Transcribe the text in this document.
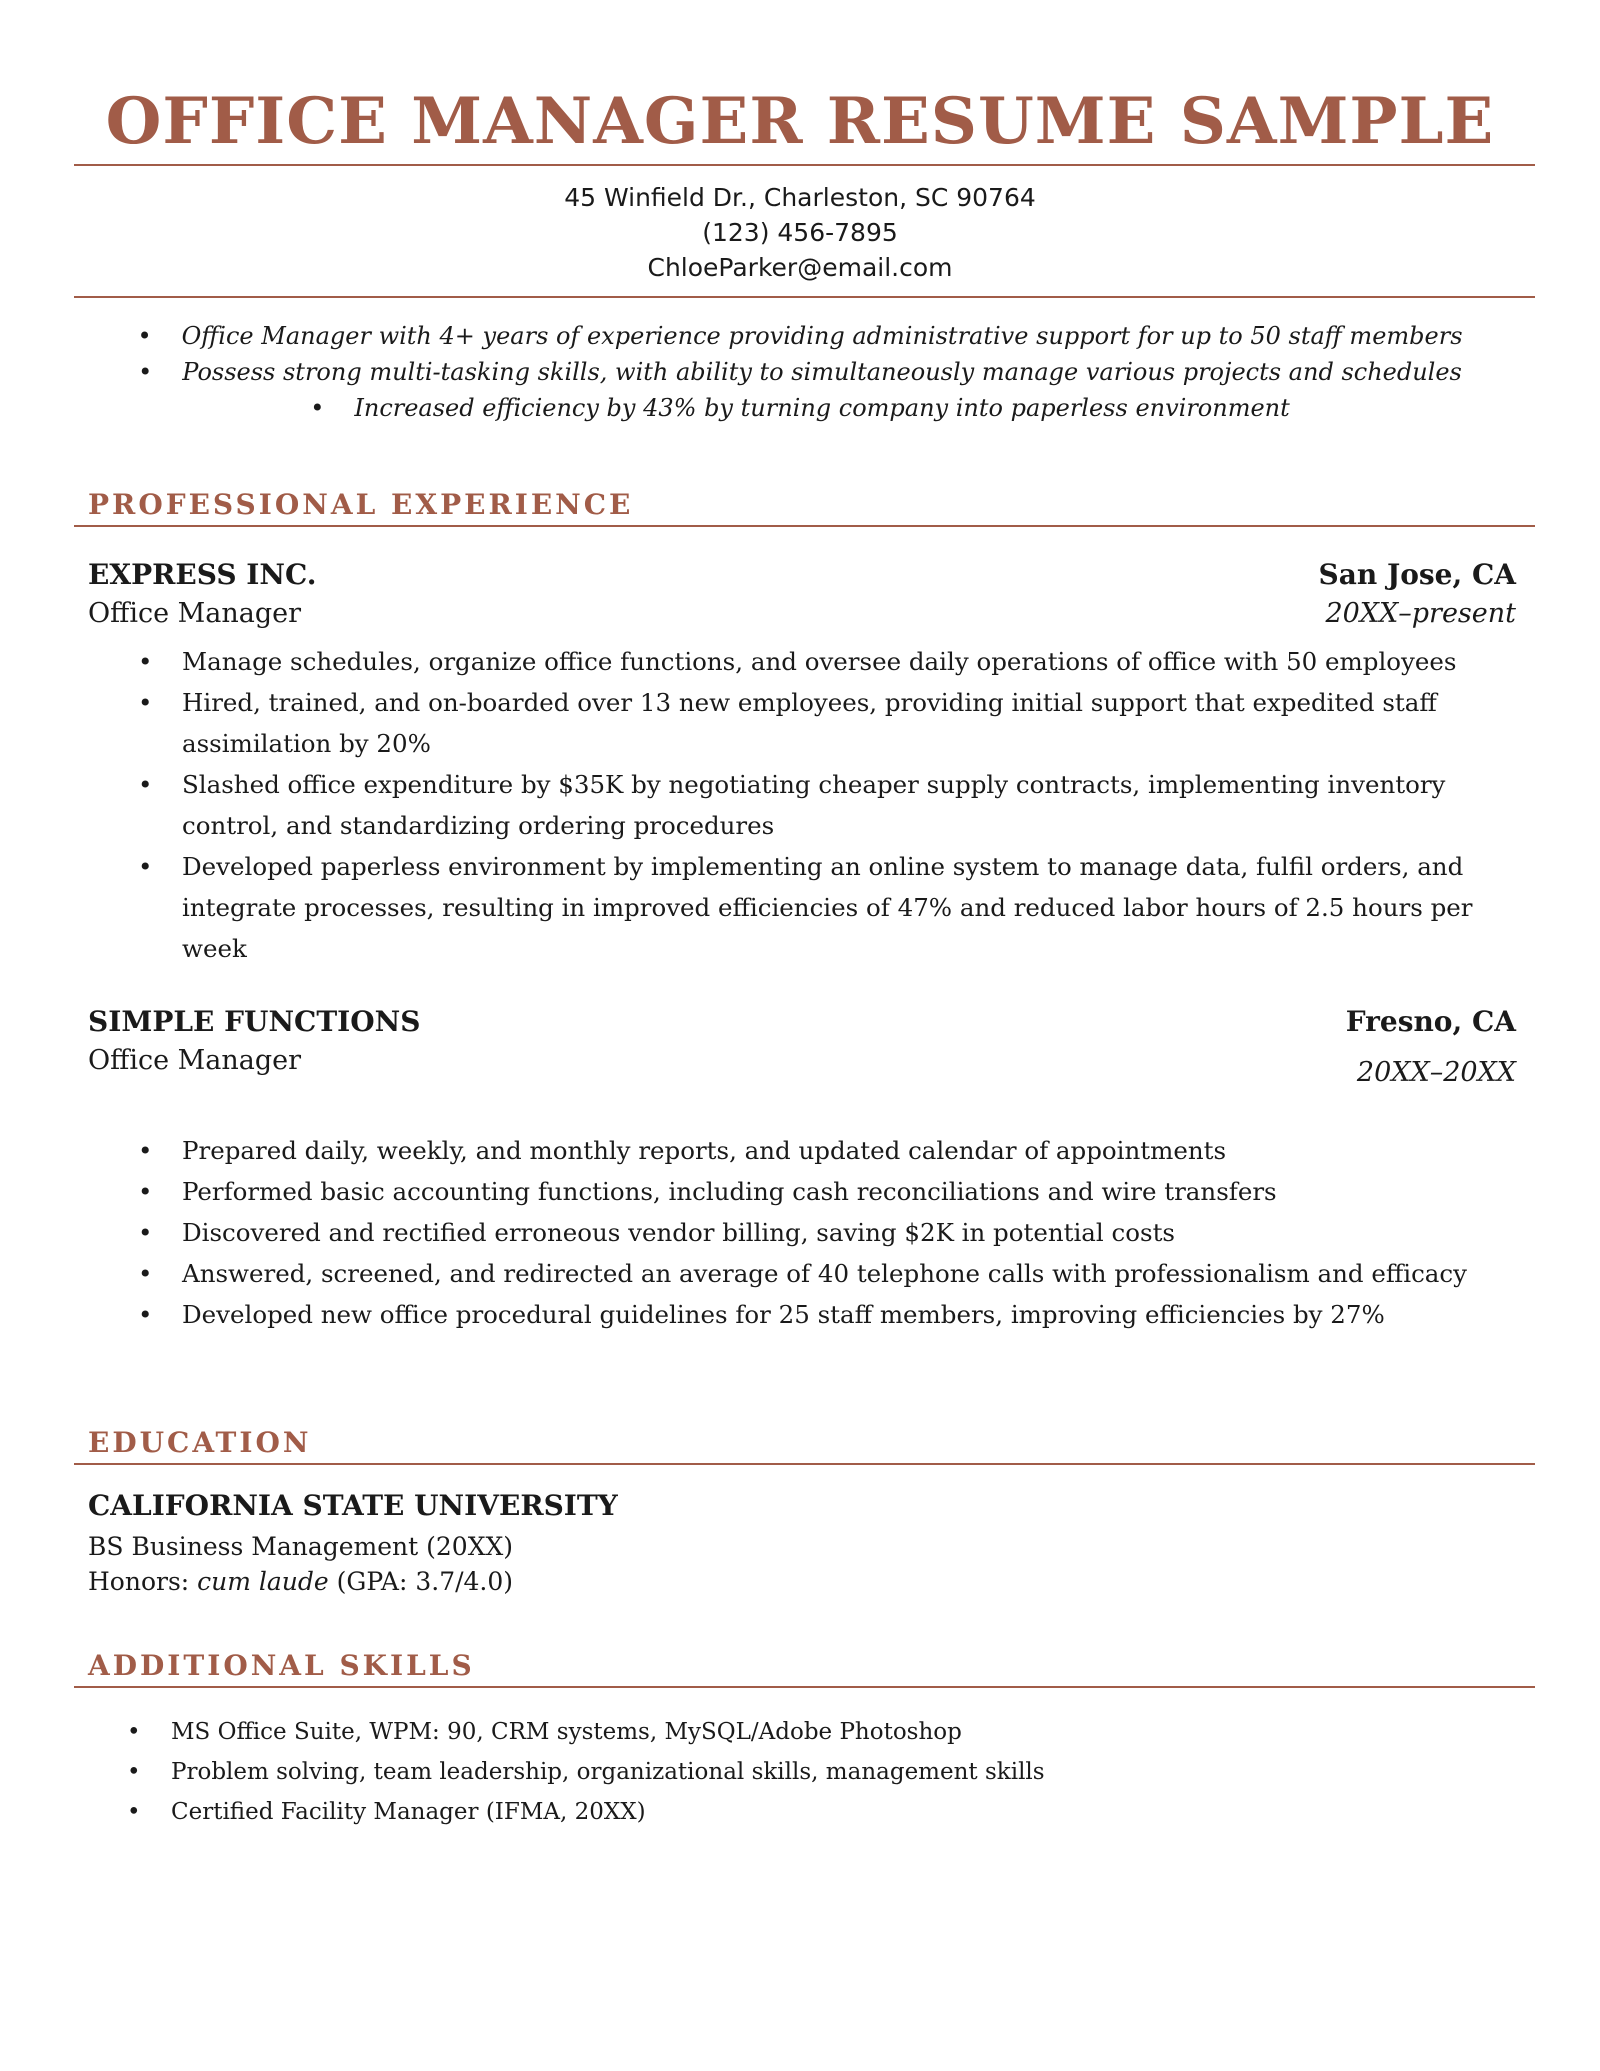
OFFICE MANAGER RESUME SAMPLE
45 Winfield Dr., Charleston, SC 90764
(123) 456-7895
ChloeParker@email.com
• Office Manager with 4+ years of experience providing administrative support for up to 50 staff members
• Possess strong multi-tasking skills, with ability to simultaneously manage various projects and schedules
• Increased efficiency by 43% by turning company into paperless environment
PROFESSIONAL EXPERIENCE
EXPRESS INC.	San Jose, CA
Office Manager	20XX–present
• Manage schedules, organize office functions, and oversee daily operations of office with 50 employees
• Hired, trained, and on-boarded over 13 new employees, providing initial support that expedited staff assimilation by 20%
• Slashed office expenditure by $35K by negotiating cheaper supply contracts, implementing inventory control, and standardizing ordering procedures
• Developed paperless environment by implementing an online system to manage data, fulfil orders, and integrate processes, resulting in improved efficiencies of 47% and reduced labor hours of 2.5 hours per week
SIMPLE FUNCTIONS	Fresno, CA
Office Manager	20XX–20XX
• Prepared daily, weekly, and monthly reports, and updated calendar of appointments
• Performed basic accounting functions, including cash reconciliations and wire transfers
• Discovered and rectified erroneous vendor billing, saving $2K in potential costs
• Answered, screened, and redirected an average of 40 telephone calls with professionalism and efficacy
• Developed new office procedural guidelines for 25 staff members, improving efficiencies by 27%
EDUCATION
CALIFORNIA STATE UNIVERSITY
BS Business Management (20XX)
Honors: cum laude (GPA: 3.7/4.0)
ADDITIONAL SKILLS
• MS Office Suite, WPM: 90, CRM systems, MySQL/Adobe Photoshop
• Problem solving, team leadership, organizational skills, management skills
• Certified Facility Manager (IFMA, 20XX)
